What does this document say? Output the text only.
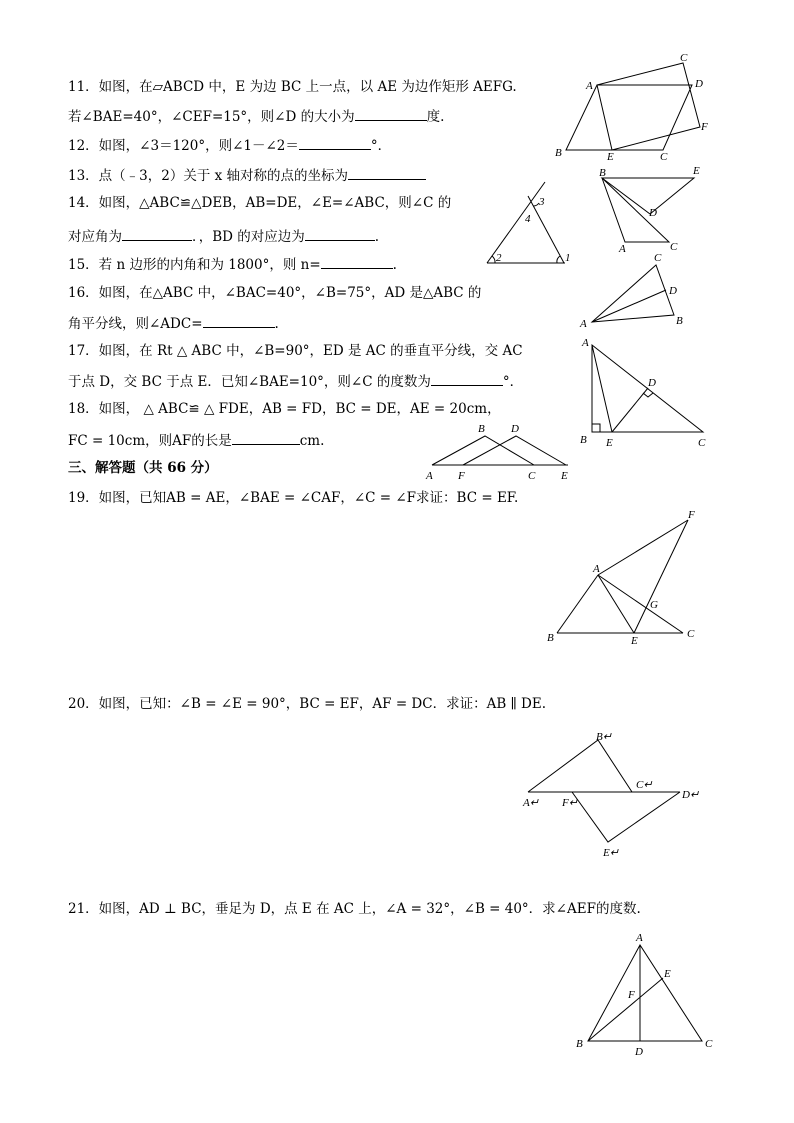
11．如图，在▱ABCD 中，E 为边 BC 上一点，以 AE 为边作矩形 AEFG.
若∠BAE=40°，∠CEF=15°，则∠D 的大小为	度.
12．如图，∠3＝120°，则∠1－∠2＝	°．
13．点（﹣3，2）关于 x 轴对称的点的坐标为
14．如图，△ABC≌△DEB，AB=DE，∠E=∠ABC，则∠C 的
对应角为	．，BD 的对应边为	.
15．若 n 边形的内角和为 1800°，则 n=	.
16．如图，在△ABC 中，∠BAC=40°，∠B=75°，AD 是△ABC 的
角平分线，则∠ADC=	.
17．如图，在 Rt △ ABC 中，∠B=90°，ED 是 AC 的垂直平分线，交 AC
于点 D，交 BC 于点 E．已知∠BAE=10°，则∠C 的度数为	°．
18．如图， △ ABC≌ △ FDE，AB = FD，BC = DE，AE = 20cm，
FC = 10cm，则AF的长是	cm.
三、解答题（共 66 分）
19．如图，已知AB = AE，∠BAE = ∠CAF，∠C = ∠F求证：BC = EF.
20．如图，已知：∠B = ∠E = 90°，BC = EF，AF = DC．求证：AB ∥ DE.
21．如图，AD ⊥ BC，垂足为 D，点 E 在 AC 上，∠A = 32°，∠B = 40°．求∠AEF的度数.
A
B	C
D
E
F
C
2	1
3
4
B	E
D
A	C
A
C
D
B
A
B E	C
D
B D
A F	C E
A
B	E
C
F
G
B↵
A↵ F↵
C↵
D↵
E↵
A
E
F
B
D
C
